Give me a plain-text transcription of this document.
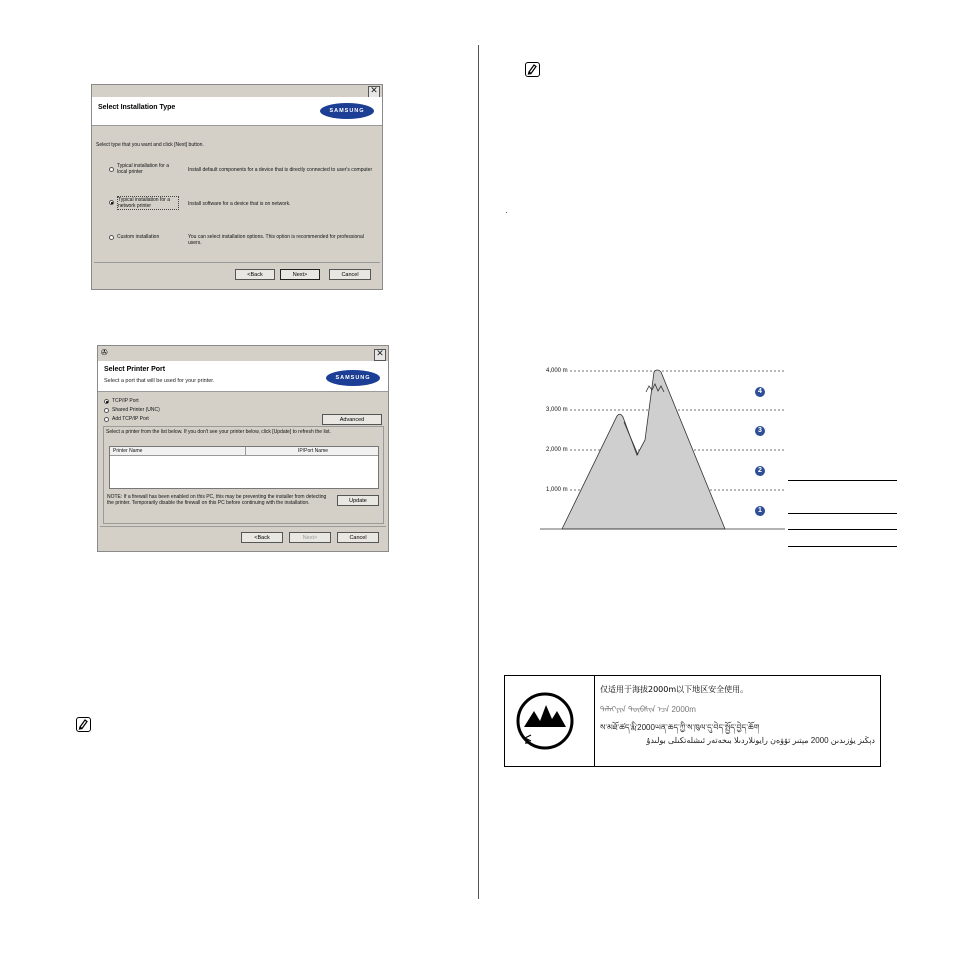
✕
Select Installation Type	SAMSUNG
Select type that you want and click [Next] button.
Typical installation for a local printer	Install default components for a device that is directly connected to user's computer
Typical installation for a network printer	Install software for a device that is on network.
Custom installation	You can select installation options. This option is recommended for professional users.
<Back	Next>	Cancel
✇	✕
Select Printer Port
Select a port that will be used for your printer.	SAMSUNG
TCP/IP Port
Shared Printer (UNC)
Add TCP/IP Port	Advanced
Select a printer from the list below. If you don't see your printer below, click [Update] to refresh the list.
Printer Name	IP/Port Name
NOTE: If a firewall has been enabled on this PC, this may be preventing the installer from detecting the printer. Temporarily disable the firewall on this PC before continuing with the installation.	Update
<Back	Next>	Cancel
4,000 m
3,000 m
2,000 m
1,000 m
4
3
2
1
仅适用于海拔2000m以下地区安全使用。
ᠳᠠᠯᠠᠢ᠎ᠶᠢᠨ ᠲᠦᠪᠰᠢᠨ ᠡᠴᠡ 2000m
ས་མཐོ་ཚད་རྨི་2000ཡན་ཆད་ཀྱི་ས་ཁུལ་དུ་བེད་སྤྱོད་བྱེད་ཆོག
دېڭىز يۈزىدىن 2000 مېتىر تۆۋەن رايونلاردىلا بىخەتەر ئىشلەتكىلى بولىدۇ
